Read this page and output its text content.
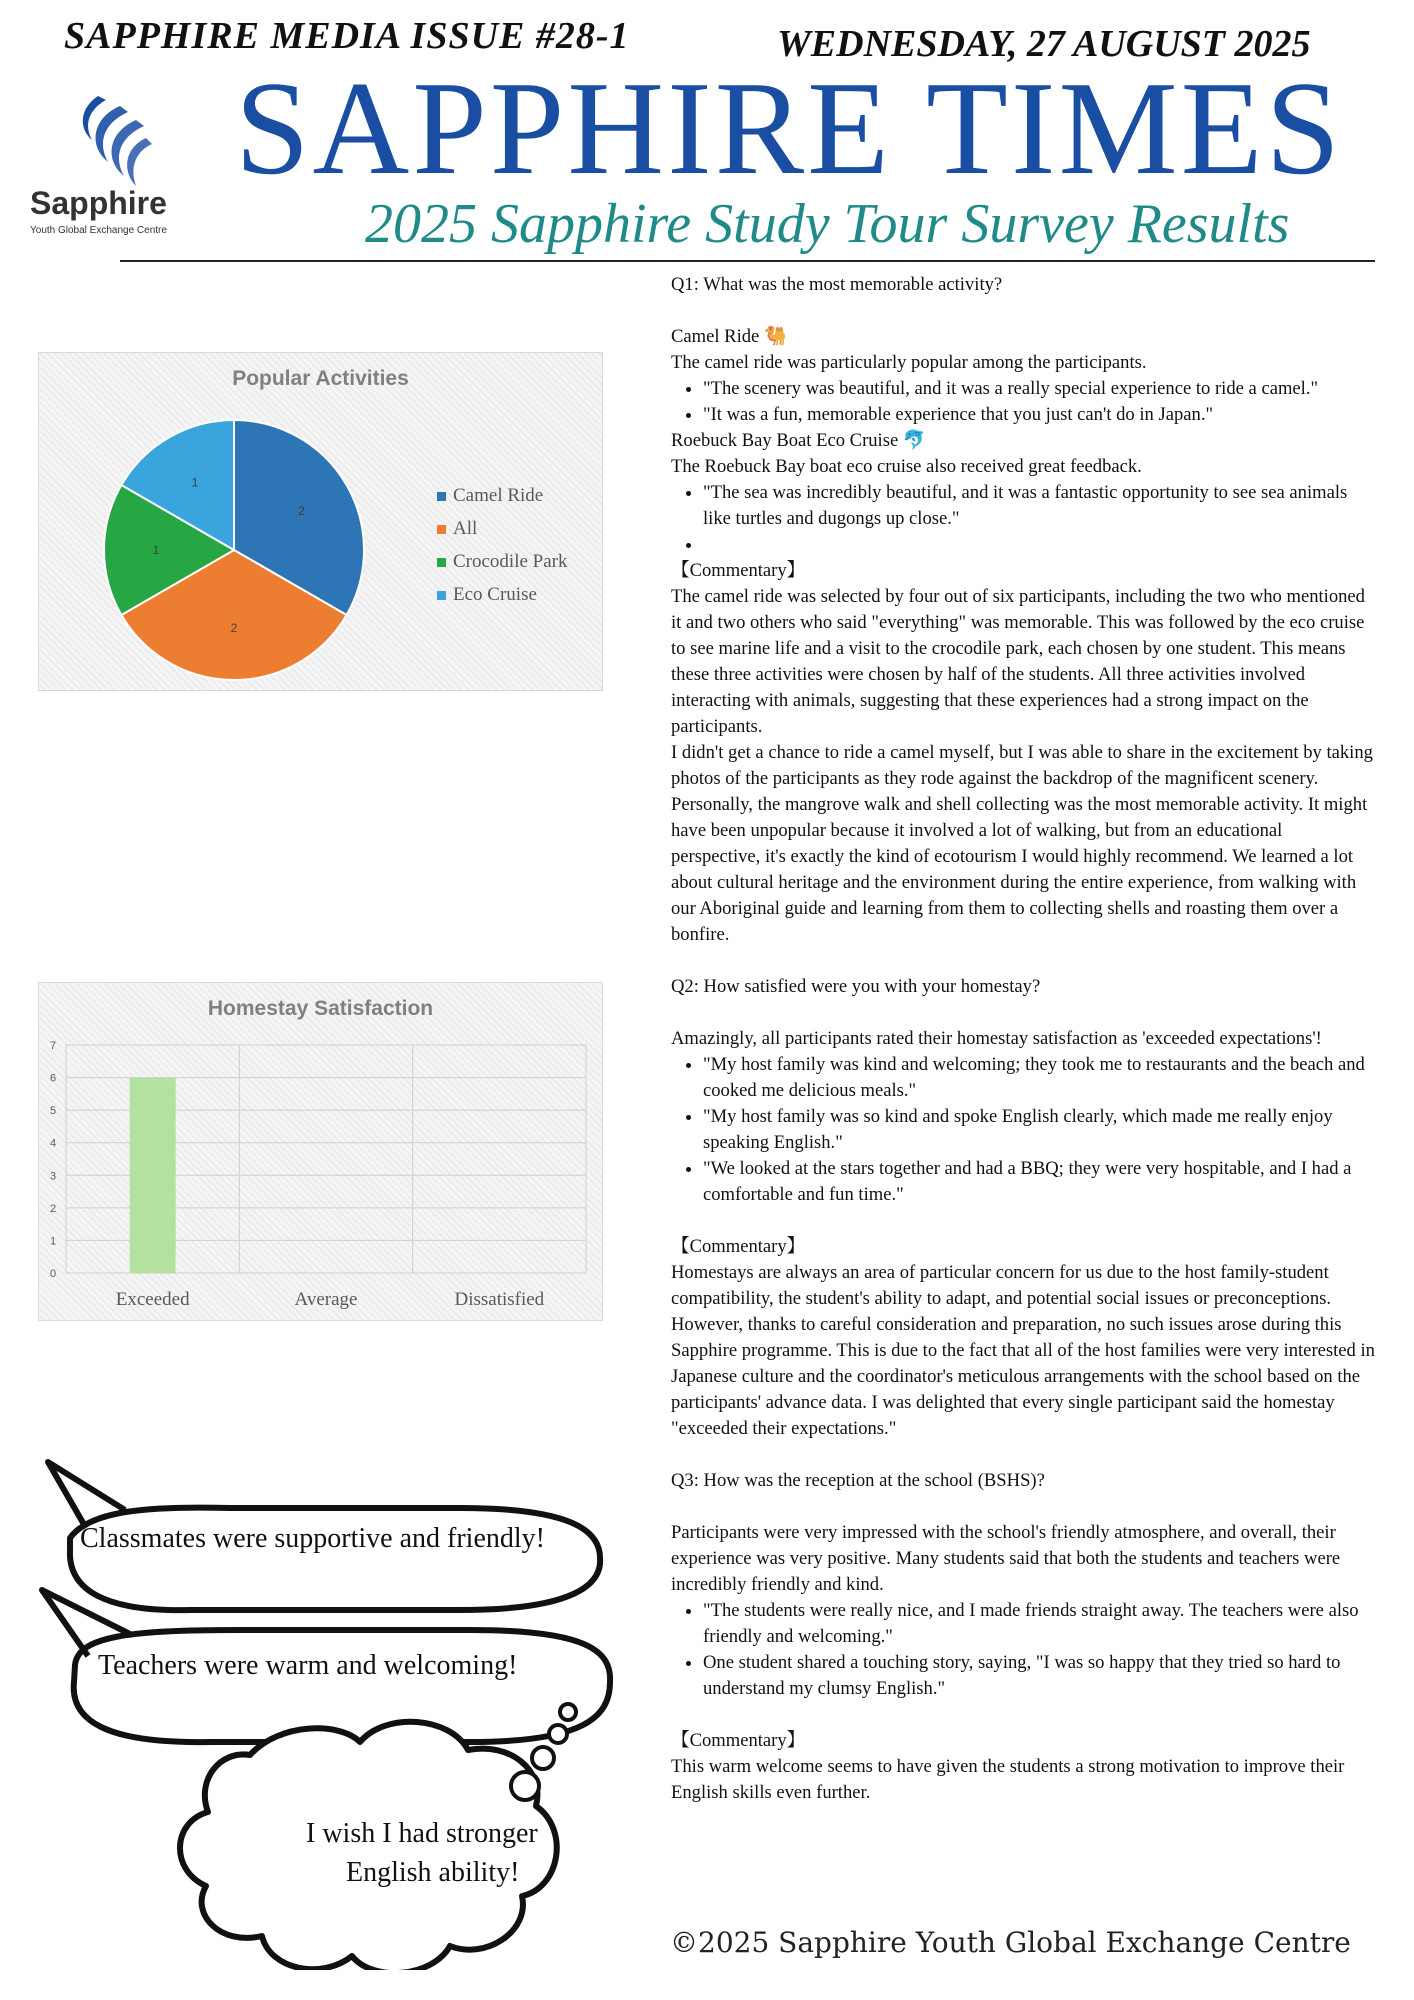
SAPPHIRE MEDIA ISSUE #28-1	WEDNESDAY, 27 AUGUST 2025
SAPPHIRE TIMES
2025 Sapphire Study Tour Survey Results
Sapphire
Youth Global Exchange Centre
Popular Activities
2
2
1
1
Camel Ride
All
Crocodile Park
Eco Cruise
Homestay Satisfaction
0
1
2
3
4
5
6
7
Exceeded	Average	Dissatisfied
Classmates were supportive and friendly!
Teachers were warm and welcoming!
I wish I had stronger
English ability!

Q1: What was the most memorable activity?

Camel Ride 🐫

The camel ride was particularly popular among the participants.

• "The scenery was beautiful, and it was a really special experience to ride a camel."
• "It was a fun, memorable experience that you just can't do in Japan."

Roebuck Bay Boat Eco Cruise 🐬

The Roebuck Bay boat eco cruise also received great feedback.

• "The sea was incredibly beautiful, and it was a fantastic opportunity to see sea animals like turtles and dugongs up close."
•

【Commentary】

The camel ride was selected by four out of six participants, including the two who mentioned it and two others who said "everything" was memorable. This was followed by the eco cruise to see marine life and a visit to the crocodile park, each chosen by one student. This means these three activities were chosen by half of the students. All three activities involved interacting with animals, suggesting that these experiences had a strong impact on the participants.

I didn't get a chance to ride a camel myself, but I was able to share in the excitement by taking photos of the participants as they rode against the backdrop of the magnificent scenery. Personally, the mangrove walk and shell collecting was the most memorable activity. It might have been unpopular because it involved a lot of walking, but from an educational perspective, it's exactly the kind of ecotourism I would highly recommend. We learned a lot about cultural heritage and the environment during the entire experience, from walking with our Aboriginal guide and learning from them to collecting shells and roasting them over a bonfire.

Q2: How satisfied were you with your homestay?

Amazingly, all participants rated their homestay satisfaction as 'exceeded expectations'!

• "My host family was kind and welcoming; they took me to restaurants and the beach and cooked me delicious meals."
• "My host family was so kind and spoke English clearly, which made me really enjoy speaking English."
• "We looked at the stars together and had a BBQ; they were very hospitable, and I had a comfortable and fun time."

【Commentary】

Homestays are always an area of particular concern for us due to the host family-student compatibility, the student's ability to adapt, and potential social issues or preconceptions. However, thanks to careful consideration and preparation, no such issues arose during this Sapphire programme. This is due to the fact that all of the host families were very interested in Japanese culture and the coordinator's meticulous arrangements with the school based on the participants' advance data. I was delighted that every single participant said the homestay "exceeded their expectations."

Q3: How was the reception at the school (BSHS)?

Participants were very impressed with the school's friendly atmosphere, and overall, their experience was very positive. Many students said that both the students and teachers were incredibly friendly and kind.

• "The students were really nice, and I made friends straight away. The teachers were also friendly and welcoming."
• One student shared a touching story, saying, "I was so happy that they tried so hard to understand my clumsy English."

【Commentary】

This warm welcome seems to have given the students a strong motivation to improve their English skills even further.

©2025 Sapphire Youth Global Exchange Centre
